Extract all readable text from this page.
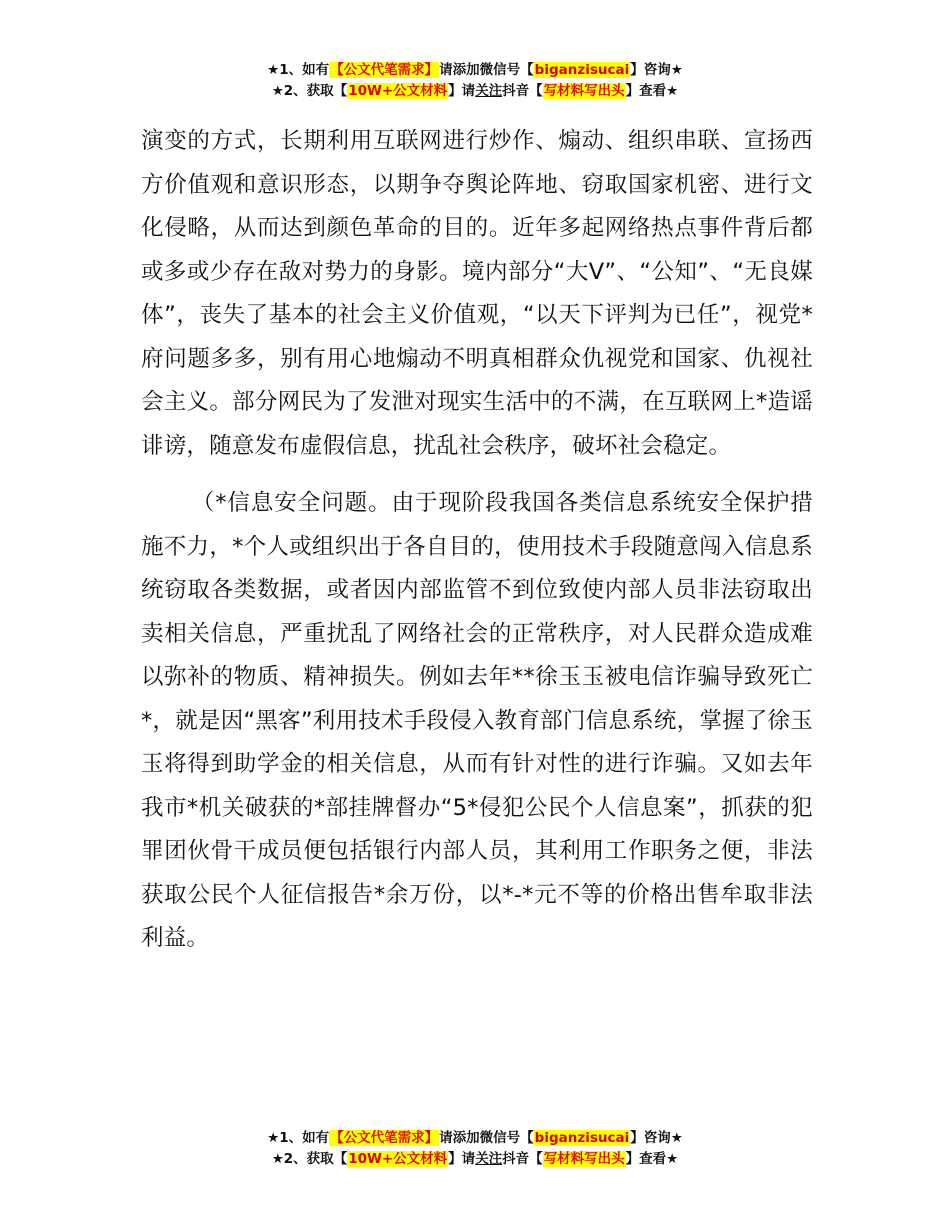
★1、如有【公文代笔需求】请添加微信号【biganzisucai】咨询★
★2、获取【10W+公文材料】请关注抖音【写材料写出头】查看★

演变的方式，长期利用互联网进行炒作、煽动、组织串联、宣扬西方价值观和意识形态，以期争夺舆论阵地、窃取国家机密、进行文化侵略，从而达到颜色革命的目的。近年多起网络热点事件背后都或多或少存在敌对势力的身影。境内部分“大V”、“公知”、“无良媒体”，丧失了基本的社会主义价值观，“以天下评判为已任”，视党*府问题多多，别有用心地煽动不明真相群众仇视党和国家、仇视社会主义。部分网民为了发泄对现实生活中的不满，在互联网上*造谣诽谤，随意发布虚假信息，扰乱社会秩序，破坏社会稳定。

（*信息安全问题。由于现阶段我国各类信息系统安全保护措施不力，*个人或组织出于各自目的，使用技术手段随意闯入信息系统窃取各类数据，或者因内部监管不到位致使内部人员非法窃取出卖相关信息，严重扰乱了网络社会的正常秩序，对人民群众造成难以弥补的物质、精神损失。例如去年**徐玉玉被电信诈骗导致死亡*，就是因“黑客”利用技术手段侵入教育部门信息系统，掌握了徐玉玉将得到助学金的相关信息，从而有针对性的进行诈骗。又如去年我市*机关破获的*部挂牌督办“5*侵犯公民个人信息案”，抓获的犯罪团伙骨干成员便包括银行内部人员，其利用工作职务之便，非法获取公民个人征信报告*余万份，以*-*元不等的价格出售牟取非法利益。

★1、如有【公文代笔需求】请添加微信号【biganzisucai】咨询★
★2、获取【10W+公文材料】请关注抖音【写材料写出头】查看★
